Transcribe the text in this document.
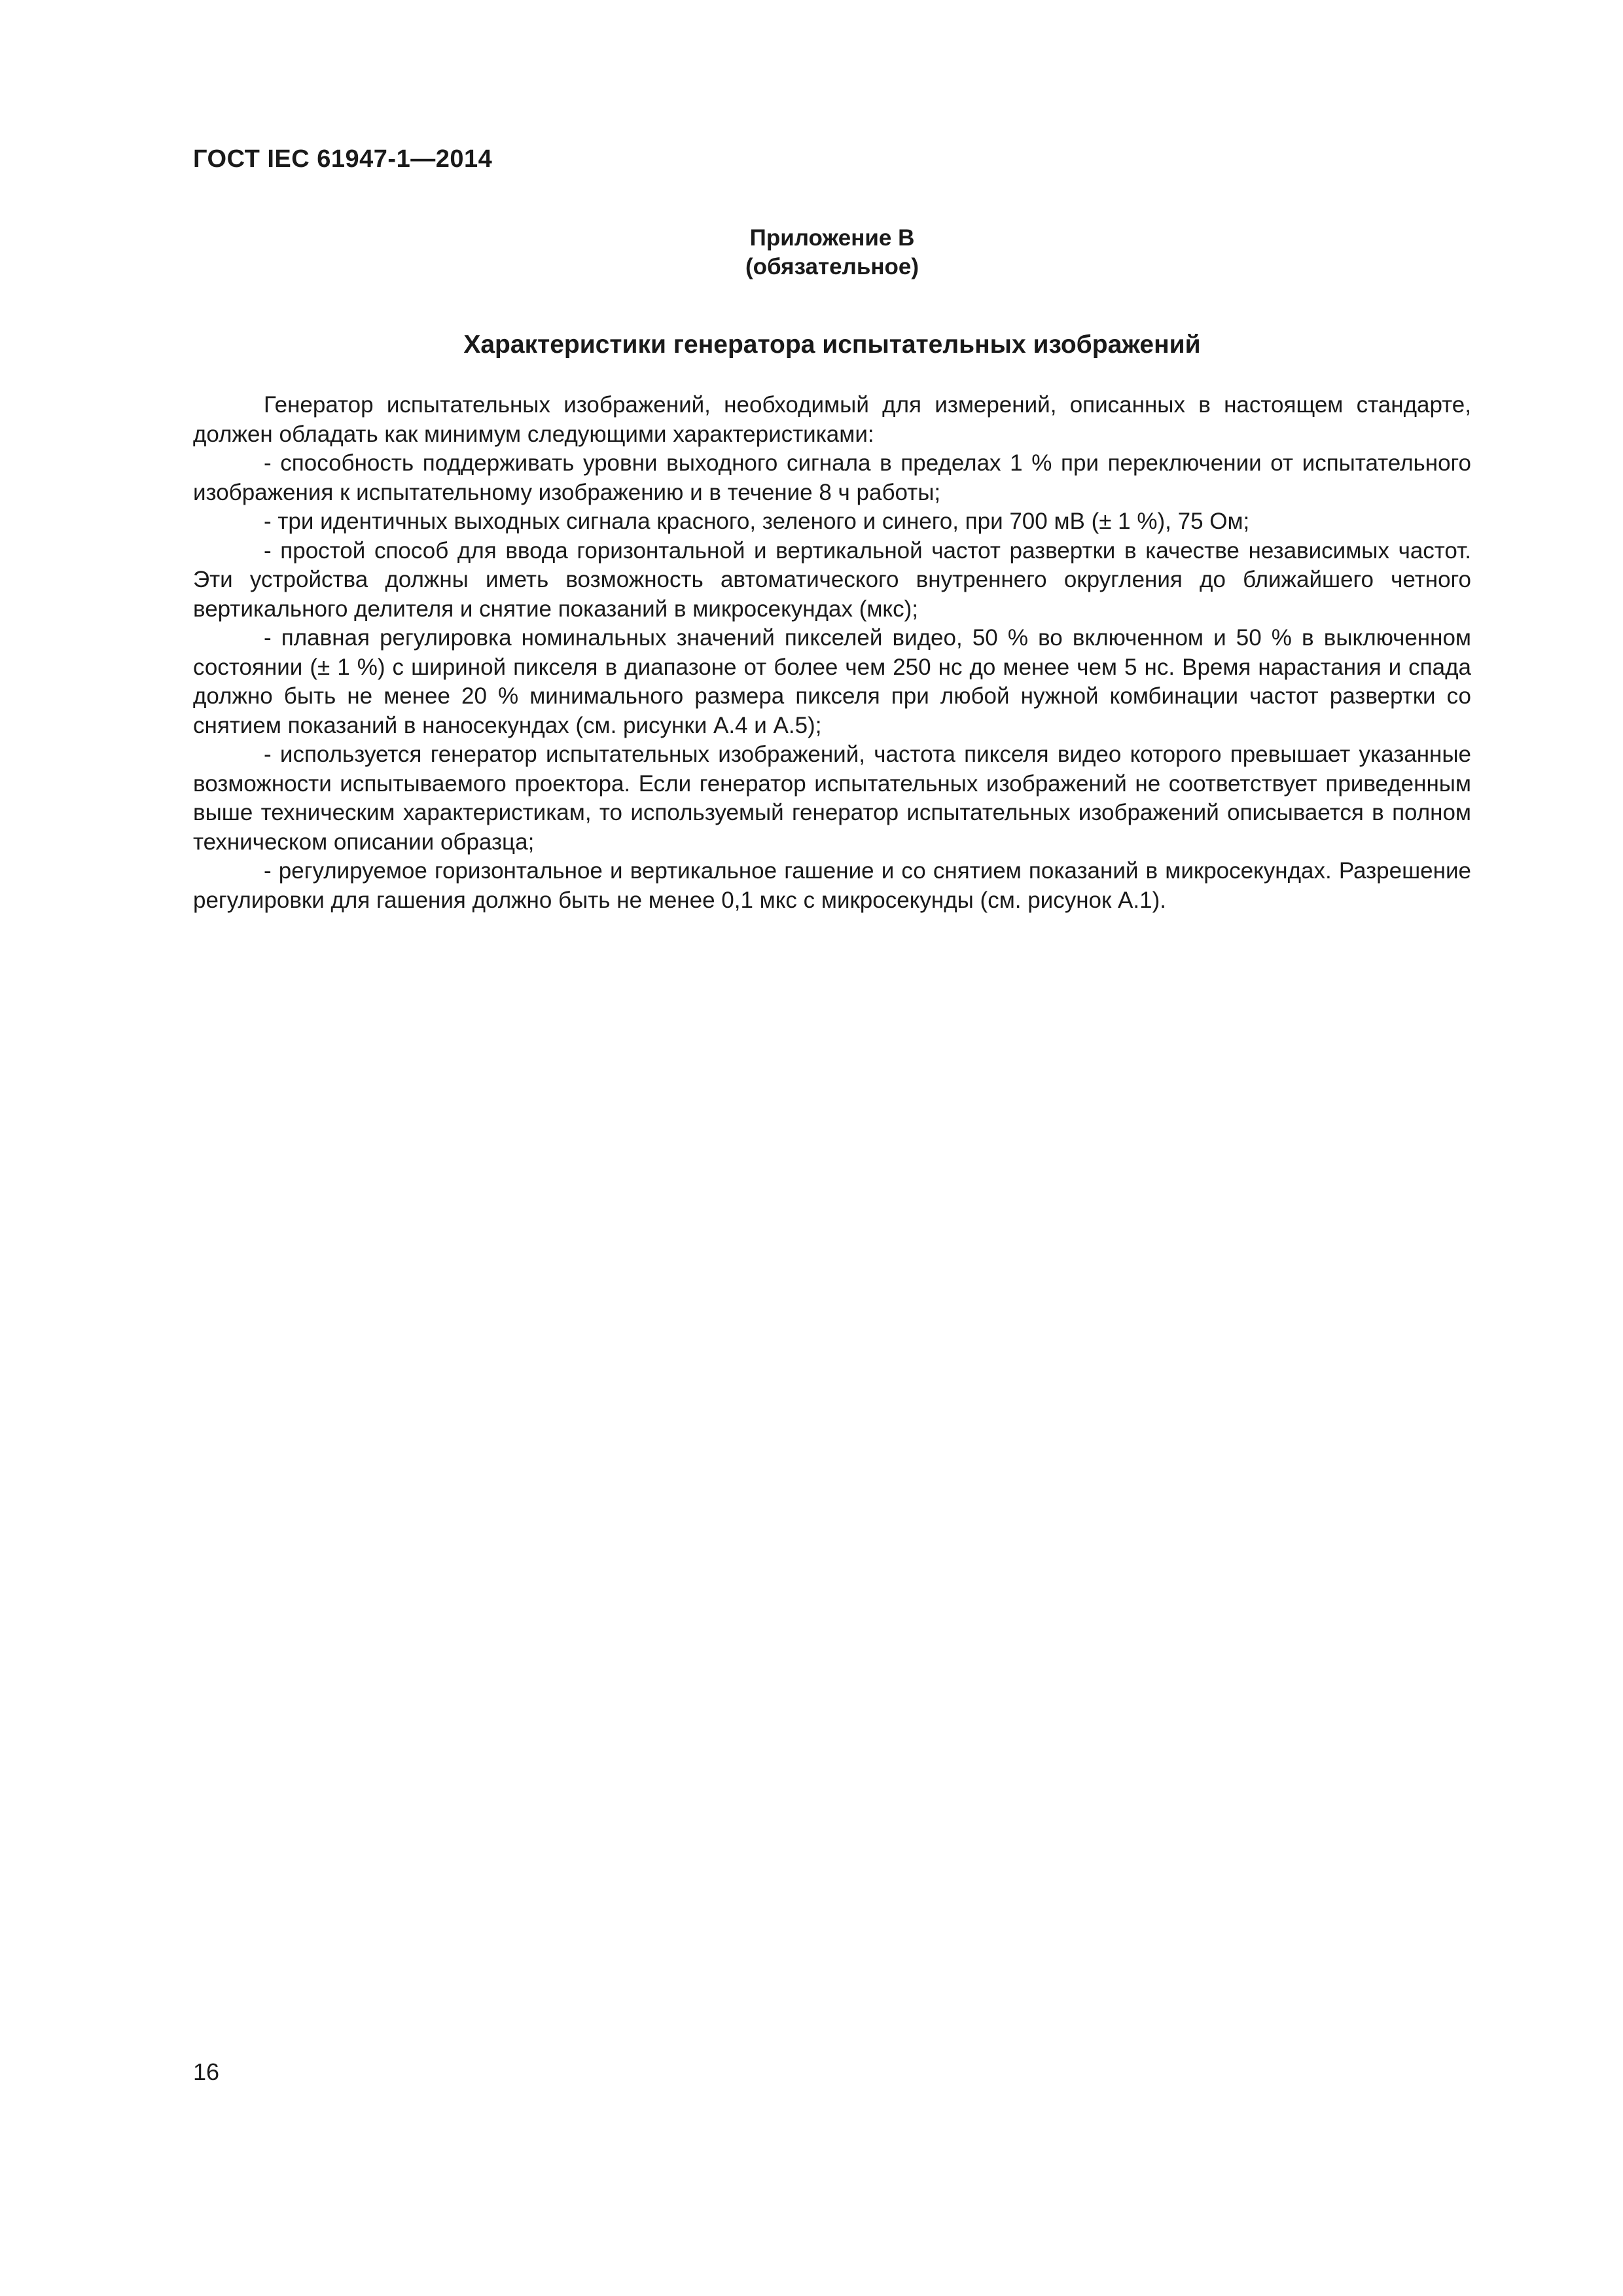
ГОСТ IEC 61947-1—2014
Приложение В
(обязательное)
Характеристики генератора испытательных изображений

Генератор испытательных изображений, необходимый для измерений, описанных в настоящем стандарте, должен обладать как минимум следующими характеристиками:

- способность поддерживать уровни выходного сигнала в пределах 1 % при переключении от испытательного изображения к испытательному изображению и в течение 8 ч работы;

- три идентичных выходных сигнала красного, зеленого и синего, при 700 мВ (± 1 %), 75 Ом;

- простой способ для ввода горизонтальной и вертикальной частот развертки в качестве независимых частот. Эти устройства должны иметь возможность автоматического внутреннего округления до ближайшего четного вертикального делителя и снятие показаний в микросекундах (мкс);

- плавная регулировка номинальных значений пикселей видео, 50 % во включенном и 50 % в выключенном состоянии (± 1 %) с шириной пикселя в диапазоне от более чем 250 нс до менее чем 5 нс. Время нарастания и спада должно быть не менее 20 % минимального размера пикселя при любой нужной комбинации частот развертки со снятием показаний в наносекундах (см. рисунки А.4 и А.5);

- используется генератор испытательных изображений, частота пикселя видео которого превышает указанные возможности испытываемого проектора. Если генератор испытательных изображений не соответствует приведенным выше техническим характеристикам, то используемый генератор испытательных изображений описывается в полном техническом описании образца;

- регулируемое горизонтальное и вертикальное гашение и со снятием показаний в микросекундах. Разрешение регулировки для гашения должно быть не менее 0,1 мкс с микросекунды (см. рисунок А.1).

16
